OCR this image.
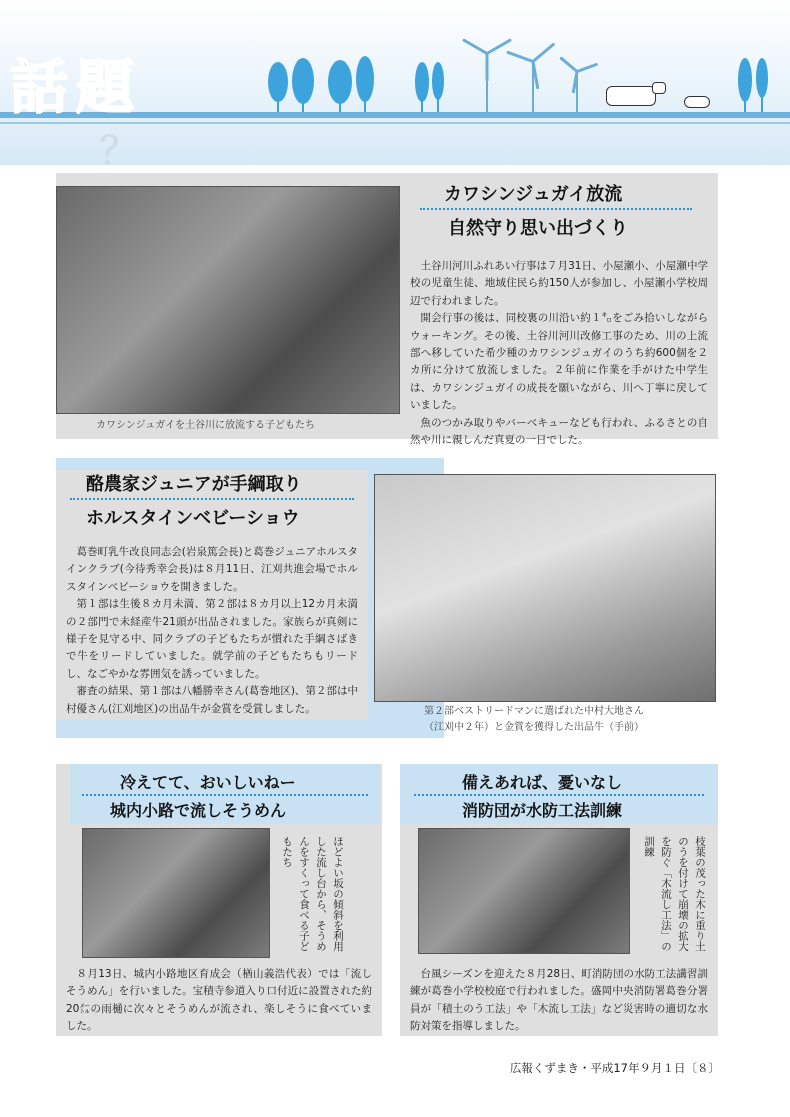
話題
？　　　　　　　　
カワシンジュガイを土谷川に放流する子どもたち
カワシンジュガイ放流
自然守り思い出づくり

土谷川河川ふれあい行事は７月31日、小屋瀬小、小屋瀬中学校の児童生徒、地域住民ら約150人が参加し、小屋瀬小学校周辺で行われました。

開会行事の後は、同校裏の川沿い約１㌔をごみ拾いしながらウォーキング。その後、土谷川河川改修工事のため、川の上流部へ移していた希少種のカワシンジュガイのうち約600個を２カ所に分けて放流しました。２年前に作業を手がけた中学生は、カワシンジュガイの成長を願いながら、川へ丁寧に戻していました。

魚のつかみ取りやバーベキューなども行われ、ふるさとの自然や川に親しんだ真夏の一日でした。

酪農家ジュニアが手綱取り
ホルスタインベビーショウ

葛巻町乳牛改良同志会(岩泉篤会長)と葛巻ジュニアホルスタインクラブ(今待秀幸会長)は８月11日、江刈共進会場でホルスタインベビーショウを開きました。

第１部は生後８カ月未満、第２部は８カ月以上12カ月未満の２部門で未経産牛21頭が出品されました。家族らが真剣に様子を見守る中、同クラブの子どもたちが慣れた手綱さばきで牛をリードしていました。就学前の子どもたちもリードし、なごやかな雰囲気を誘っていました。

審査の結果、第１部は八幡勝幸さん(葛巻地区)、第２部は中村優さん(江刈地区)の出品牛が金賞を受賞しました。	第２部ベストリードマンに選ばれた中村大地さん
（江刈中２年）と金賞を獲得した出品牛（手前）
冷えてて、おいしいねー
城内小路で流しそうめん
ほどよい坂の傾斜を利用した流し台から、そうめんをすくって食べる子どもたち

８月13日、城内小路地区育成会（楢山義浩代表）では「流しそうめん」を行いました。宝積寺参道入り口付近に設置された約20㍍の雨樋に次々とそうめんが流され、楽しそうに食べていました。

備えあれば、憂いなし
消防団が水防工法訓練
枝葉の茂った木に重り土のうを付けて崩壊の拡大を防ぐ「木流し工法」の訓練

台風シーズンを迎えた８月28日、町消防団の水防工法講習訓練が葛巻小学校校庭で行われました。盛岡中央消防署葛巻分署員が「積土のう工法」や「木流し工法」など災害時の適切な水防対策を指導しました。

広報くずまき・平成17年９月１日〔８〕
